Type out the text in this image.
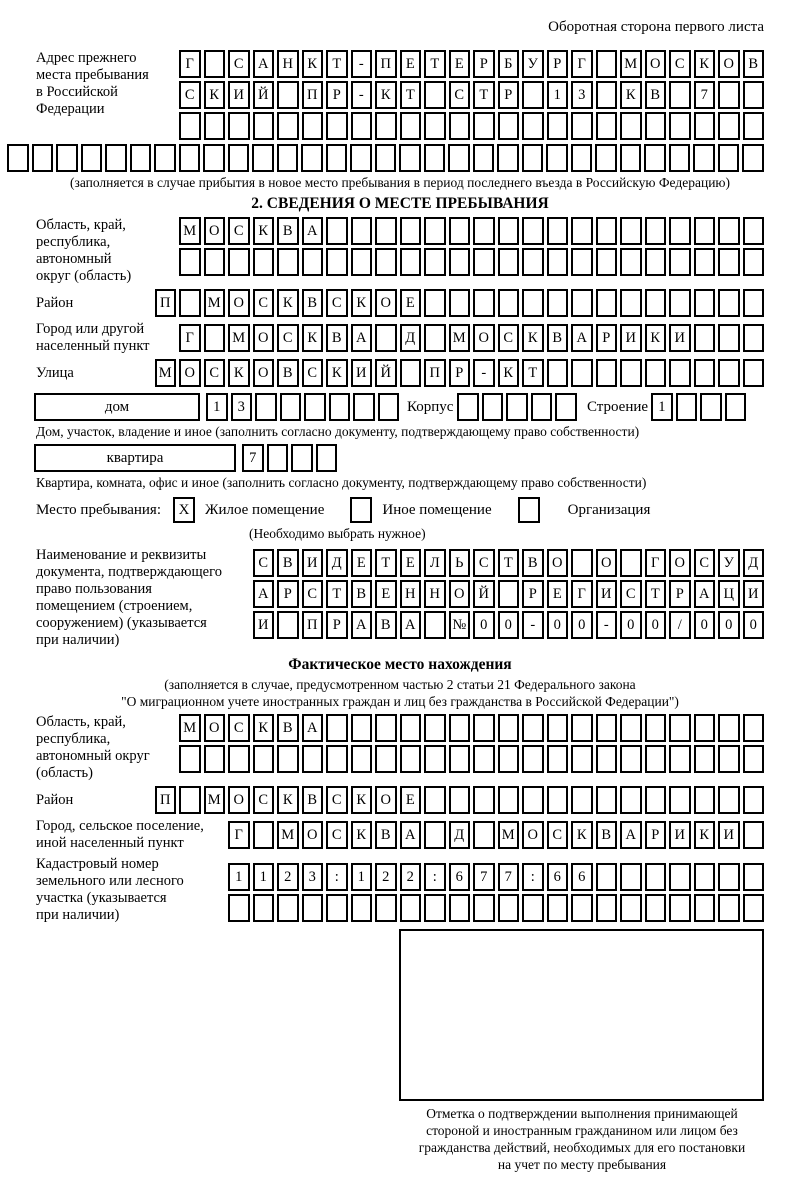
Оборотная сторона первого листа
Адрес прежнего
места пребывания
в Российской
Федерации
Г	С А Н К	Т	-	П	Е	Т	Е	Р	Б	У	Р	Г	М О С	К О В
С	К И Й	П	Р	-	К	Т	С	Т	Р	1	3	К	В	7
(заполняется в случае прибытия в новое место пребывания в период последнего въезда в Российскую Федерацию)
2. СВЕДЕНИЯ О МЕСТЕ ПРЕБЫВАНИЯ
Область, край,
республика,
автономный
округ (область)
М О С	К	В А
Район	П	М О С	К	В	С	К О	Е
Город или другой
населенный пункт
Г	М О С	К	В А	Д	М О С	К	В А	Р	И К И
Улица	М О С	К О В	С	К И Й	П	Р	-	К	Т
дом	1	3	Корпус	Строение 1
Дом, участок, владение и иное (заполнить согласно документу, подтверждающему право собственности)
квартира	7
Квартира, комната, офис и иное (заполнить согласно документу, подтверждающему право собственности)
Место пребывания:	X	Жилое помещение	Иное помещение	Организация
(Необходимо выбрать нужное)
Наименование и реквизиты
документа, подтверждающего
право пользования
помещением (строением,
сооружением) (указывается
при наличии)
С	В И Д	Е	Т	Е	Л	Ь	С	Т	В О	О	Г	О С	У Д
А	Р	С	Т	В	Е	Н Н О Й	Р	Е	Г	И С	Т	Р	А Ц И
И	П	Р	А В А	№ 0	0	-	0	0	-	0	0	/	0	0	0
Фактическое место нахождения
(заполняется в случае, предусмотренном частью 2 статьи 21 Федерального закона
"О миграционном учете иностранных граждан и лиц без гражданства в Российской Федерации")
Область, край,
республика,
автономный округ
(область)
М О С	К	В А
Район	П	М О С	К	В	С	К О	Е
Город, сельское поселение,
иной населенный пункт
Г	М О С	К	В А	Д	М О С	К	В А	Р	И К И
Кадастровый номер
земельного или лесного
участка (указывается
при наличии)
1	1	2	3	:	1	2	2	:	6	7	7	:	6	6
Отметка о подтверждении выполнения принимающей
стороной и иностранным гражданином или лицом без
гражданства действий, необходимых для его постановки
на учет по месту пребывания
